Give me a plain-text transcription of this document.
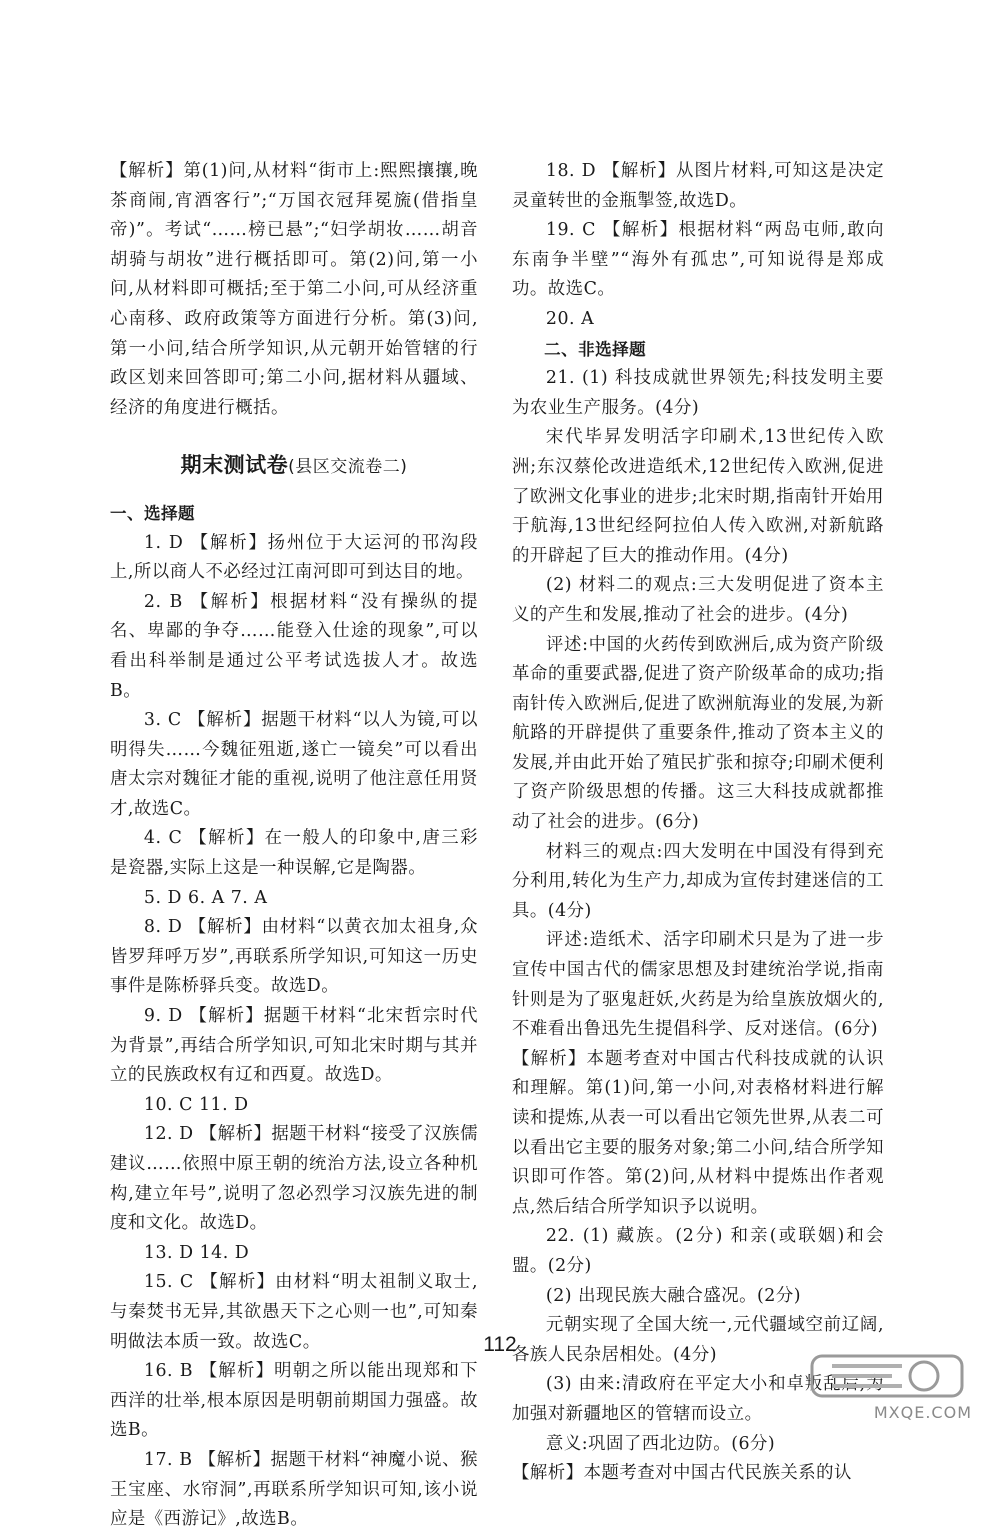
【解析】第(1)问,从材料“街市上:熙熙攘攘,晚茶商闹,宵酒客行”;“万国衣冠拜冕旒(借指皇帝)”。考试“……榜已悬”;“妇学胡妆……胡音胡骑与胡妆”进行概括即可。第(2)问,第一小问,从材料即可概括;至于第二小问,可从经济重心南移、政府政策等方面进行分析。第(3)问,第一小问,结合所学知识,从元朝开始管辖的行政区划来回答即可;第二小问,据材料从疆域、经济的角度进行概括。

期末测试卷(县区交流卷二)

一、选择题

1. D 【解析】扬州位于大运河的邗沟段上,所以商人不必经过江南河即可到达目的地。

2. B 【解析】根据材料“没有操纵的提名、卑鄙的争夺……能登入仕途的现象”,可以看出科举制是通过公平考试选拔人才。故选B。

3. C 【解析】据题干材料“以人为镜,可以明得失……今魏征殂逝,遂亡一镜矣”可以看出唐太宗对魏征才能的重视,说明了他注意任用贤才,故选C。

4. C 【解析】在一般人的印象中,唐三彩是瓷器,实际上这是一种误解,它是陶器。

5. D 6. A 7. A

8. D 【解析】由材料“以黄衣加太祖身,众皆罗拜呼万岁”,再联系所学知识,可知这一历史事件是陈桥驿兵变。故选D。

9. D 【解析】据题干材料“北宋哲宗时代为背景”,再结合所学知识,可知北宋时期与其并立的民族政权有辽和西夏。故选D。

10. C 11. D

12. D 【解析】据题干材料“接受了汉族儒建议……依照中原王朝的统治方法,设立各种机构,建立年号”,说明了忽必烈学习汉族先进的制度和文化。故选D。

13. D 14. D

15. C 【解析】由材料“明太祖制义取士,与秦焚书无异,其欲愚天下之心则一也”,可知秦明做法本质一致。故选C。

16. B 【解析】明朝之所以能出现郑和下西洋的壮举,根本原因是明朝前期国力强盛。故选B。

17. B 【解析】据题干材料“神魔小说、猴王宝座、水帘洞”,再联系所学知识可知,该小说应是《西游记》,故选B。

18. D 【解析】从图片材料,可知这是决定灵童转世的金瓶掣签,故选D。

19. C 【解析】根据材料“两岛屯师,敢向东南争半壁”“海外有孤忠”,可知说得是郑成功。故选C。

20. A

二、非选择题

21. (1) 科技成就世界领先;科技发明主要为农业生产服务。(4分)

宋代毕昇发明活字印刷术,13世纪传入欧洲;东汉蔡伦改进造纸术,12世纪传入欧洲,促进了欧洲文化事业的进步;北宋时期,指南针开始用于航海,13世纪经阿拉伯人传入欧洲,对新航路的开辟起了巨大的推动作用。(4分)

(2) 材料二的观点:三大发明促进了资本主义的产生和发展,推动了社会的进步。(4分)

评述:中国的火药传到欧洲后,成为资产阶级革命的重要武器,促进了资产阶级革命的成功;指南针传入欧洲后,促进了欧洲航海业的发展,为新航路的开辟提供了重要条件,推动了资本主义的发展,并由此开始了殖民扩张和掠夺;印刷术便利了资产阶级思想的传播。这三大科技成就都推动了社会的进步。(6分)

材料三的观点:四大发明在中国没有得到充分利用,转化为生产力,却成为宣传封建迷信的工具。(4分)

评述:造纸术、活字印刷术只是为了进一步宣传中国古代的儒家思想及封建统治学说,指南针则是为了驱鬼赶妖,火药是为给皇族放烟火的,不难看出鲁迅先生提倡科学、反对迷信。(6分)

【解析】本题考查对中国古代科技成就的认识和理解。第(1)问,第一小问,对表格材料进行解读和提炼,从表一可以看出它领先世界,从表二可以看出它主要的服务对象;第二小问,结合所学知识即可作答。第(2)问,从材料中提炼出作者观点,然后结合所学知识予以说明。

22. (1) 藏族。(2分) 和亲(或联姻)和会盟。(2分)

(2) 出现民族大融合盛况。(2分)

元朝实现了全国大统一,元代疆域空前辽阔,各族人民杂居相处。(4分)

(3) 由来:清政府在平定大小和卓叛乱后,为加强对新疆地区的管辖而设立。

意义:巩固了西北边防。(6分)

【解析】本题考查对中国古代民族关系的认

112
MXQE.COM
